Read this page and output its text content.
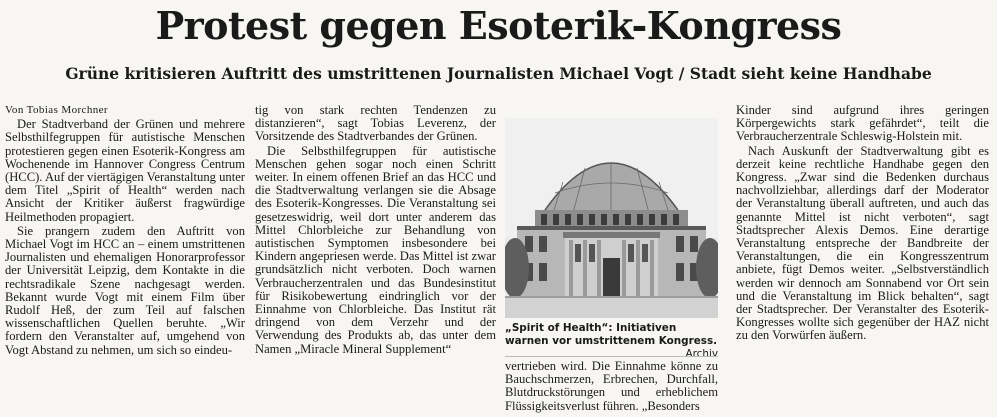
Protest gegen Esoterik-Kongress
Grüne kritisieren Auftritt des umstrittenen Journalisten Michael Vogt / Stadt sieht keine Handhabe

Von Tobias Morchner

Der Stadtverband der Grünen und mehrere Selbsthilfegruppen für autistische Menschen protestieren gegen einen Esoterik-Kongress am Wochenende im Hannover Congress Centrum (HCC). Auf der viertägigen Veranstaltung unter dem Titel „Spirit of Health“ werden nach Ansicht der Kritiker äußerst fragwürdige Heilmethoden propagiert.

Sie prangern zudem den Auftritt von Michael Vogt im HCC an – einem umstrittenen Journalisten und ehemaligen Honorarprofessor der Universität Leipzig, dem Kontakte in die rechtsradikale Szene nachgesagt werden. Bekannt wurde Vogt mit einem Film über Rudolf Heß, der zum Teil auf falschen wissenschaftlichen Quellen beruhte. „Wir fordern den Veranstalter auf, umgehend von Vogt Abstand zu nehmen, um sich so eindeu-

tig von stark rechten Tendenzen zu distanzieren“, sagt Tobias Leverenz, der Vorsitzende des Stadtverbandes der Grünen.

Die Selbsthilfegruppen für autistische Menschen gehen sogar noch einen Schritt weiter. In einem offenen Brief an das HCC und die Stadtverwaltung verlangen sie die Absage des Esoterik-Kongresses. Die Veranstaltung sei gesetzeswidrig, weil dort unter anderem das Mittel Chlorbleiche zur Behandlung von autistischen Symptomen insbesondere bei Kindern angepriesen werde. Das Mittel ist zwar grundsätzlich nicht verboten. Doch warnen Verbraucherzentralen und das Bundesinstitut für Risikobewertung eindringlich vor der Einnahme von Chlorbleiche. Das Institut rät dringend von dem Verzehr und der Verwendung des Produkts ab, das unter dem Namen „Miracle Mineral Supplement“

„Spirit of Health“: Initiativen warnen vor umstrittenem Kongress.
Archiv

vertrieben wird. Die Einnahme könne zu Bauchschmerzen, Erbrechen, Durchfall, Blutdruckstörungen und erheblichem Flüssigkeitsverlust führen. „Besonders

Kinder sind aufgrund ihres geringen Körpergewichts stark gefährdet“, teilt die Verbraucherzentrale Schleswig-Holstein mit.

Nach Auskunft der Stadtverwaltung gibt es derzeit keine rechtliche Handhabe gegen den Kongress. „Zwar sind die Bedenken durchaus nachvollziehbar, allerdings darf der Moderator der Veranstaltung überall auftreten, und auch das genannte Mittel ist nicht verboten“, sagt Stadtsprecher Alexis Demos. Eine derartige Veranstaltung entspreche der Bandbreite der Veranstaltungen, die ein Kongresszentrum anbiete, fügt Demos weiter. „Selbstverständlich werden wir dennoch am Sonnabend vor Ort sein und die Veranstaltung im Blick behalten“, sagt der Stadtsprecher. Der Veranstalter des Esoterik-Kongresses wollte sich gegenüber der HAZ nicht zu den Vorwürfen äußern.
